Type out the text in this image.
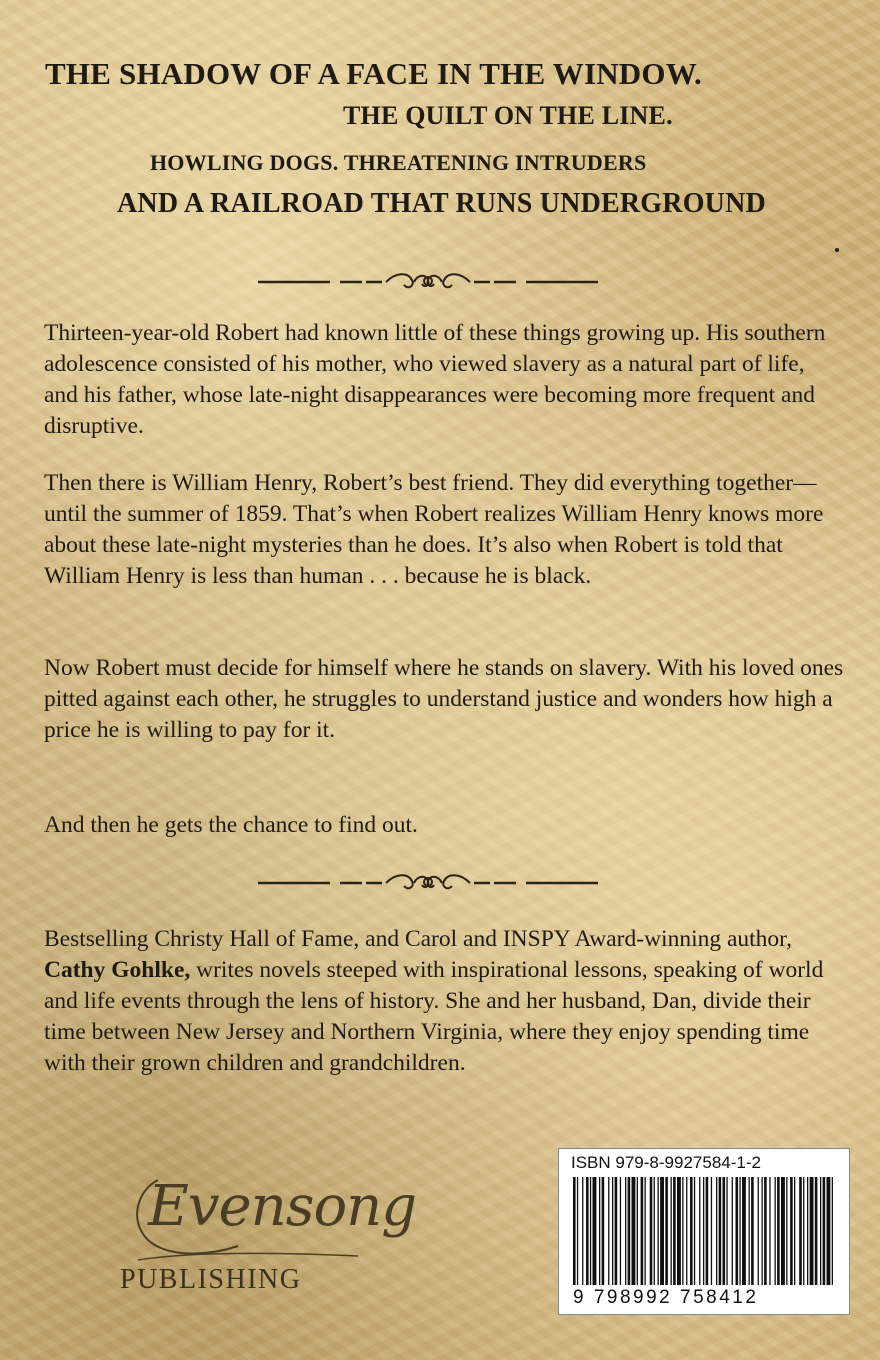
THE SHADOW OF A FACE IN THE WINDOW.
THE QUILT ON THE LINE.
HOWLING DOGS. THREATENING INTRUDERS
AND A RAILROAD THAT RUNS UNDERGROUND
Thirteen-year-old Robert had known little of these things growing up. His southern adolescence consisted of his mother, who viewed slavery as a natural part of life, and his father, whose late-night disappearances were becoming more frequent and disruptive.
Then there is William Henry, Robert’s best friend. They did everything together—until the summer of 1859. That’s when Robert realizes William Henry knows more about these late-night mysteries than he does. It’s also when Robert is told that William Henry is less than human . . . because he is black.
Now Robert must decide for himself where he stands on slavery. With his loved ones pitted against each other, he struggles to understand justice and wonders how high a price he is willing to pay for it.
And then he gets the chance to find out.
Bestselling Christy Hall of Fame, and Carol and INSPY Award-winning author, Cathy Gohlke, writes novels steeped with inspirational lessons, speaking of world and life events through the lens of history. She and her husband, Dan, divide their time between New Jersey and Northern Virginia, where they enjoy spending time with their grown children and grandchildren.
Evensong
PUBLISHING
ISBN 979-8-9927584-1-2
9 798992 758412
